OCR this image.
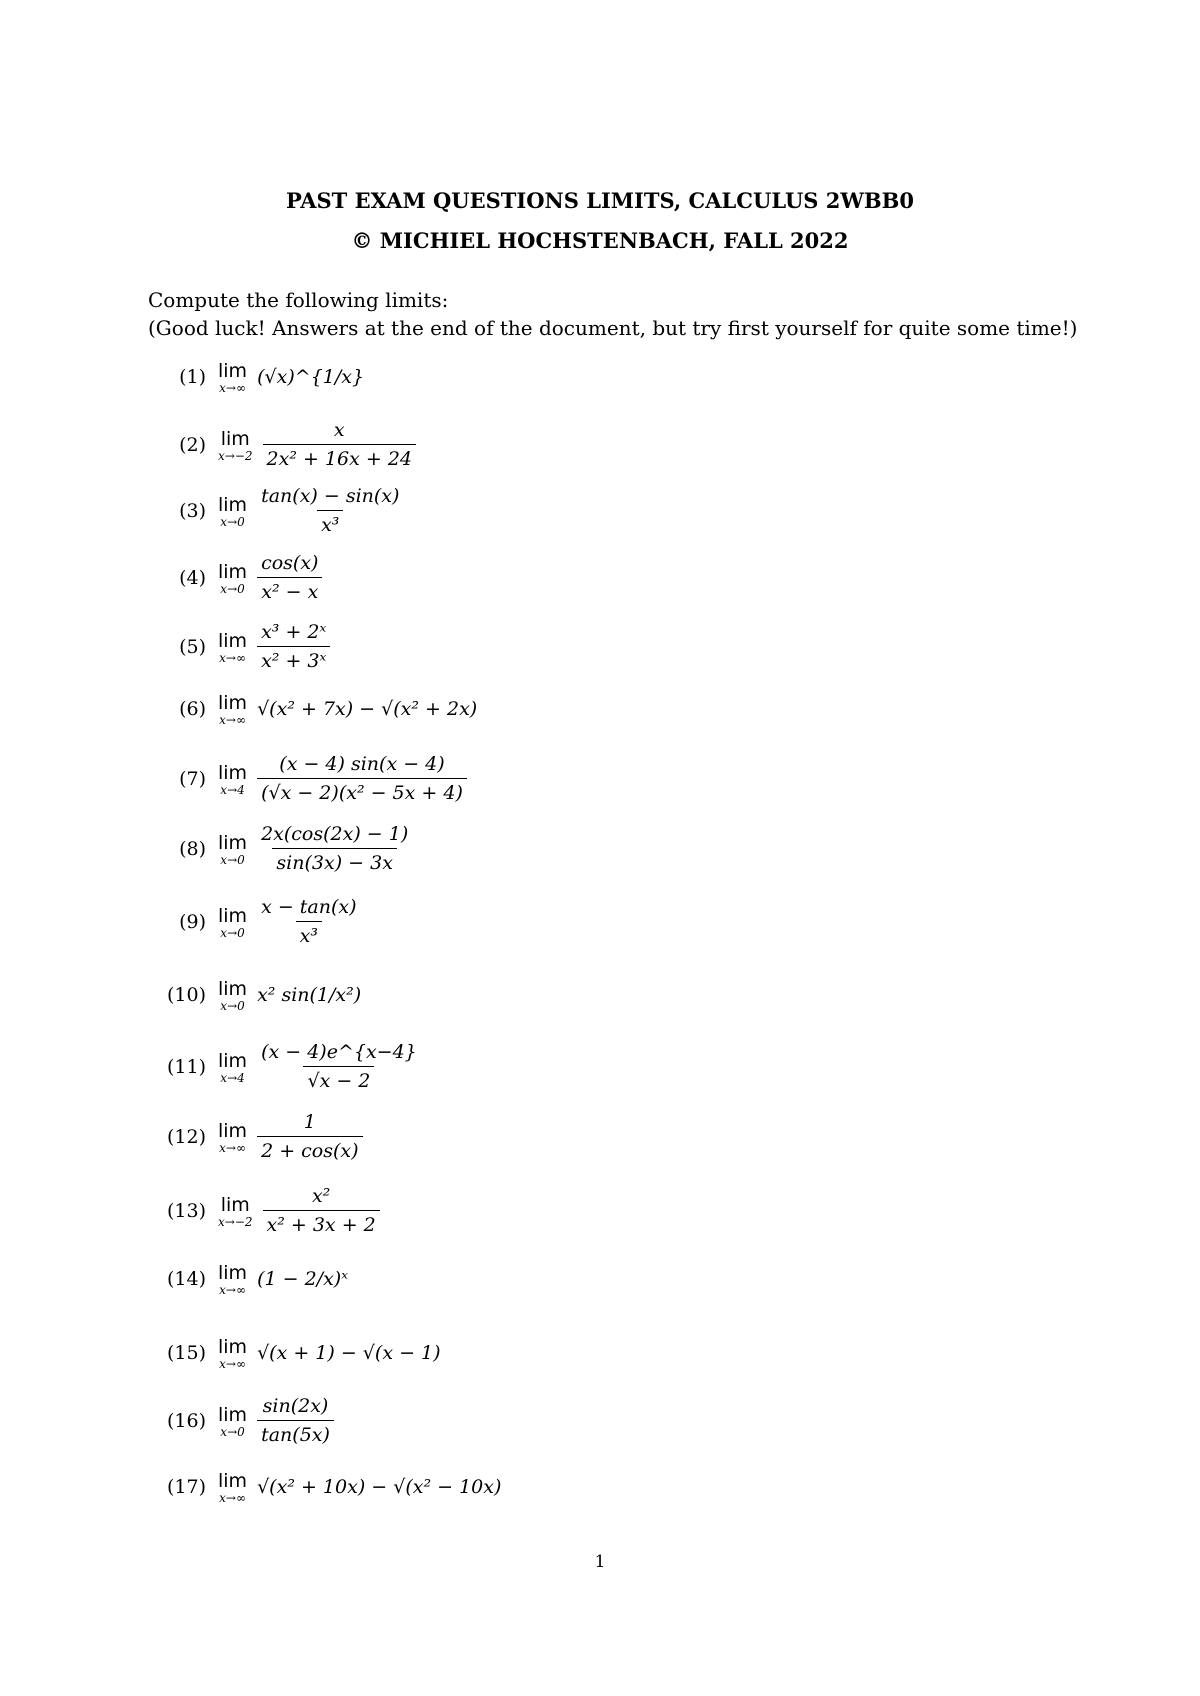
PAST EXAM QUESTIONS LIMITS, CALCULUS 2WBB0
© MICHIEL HOCHSTENBACH, FALL 2022
Compute the following limits:
(Good luck! Answers at the end of the document, but try first yourself for quite some time!)
(1) lim
x→∞ (√x)^{1/x}
(2) lim
$x\to-2 \frac{x}{\text{2x² + 16x + 24}}$
(3) lim
$x\to 0 \frac{\tan(x) - \sin(x)}{\text{x³}}$
(4) lim
$x\to 0 \frac{\cos(x)}{\text{x² − x}}$
(5) lim
$x\to\infty \frac{\text{x³ + 2ˣ}}{\text{x² + 3ˣ}}$
(6) lim
x→∞ √(x² + 7x) − √(x² + 2x)
(7) lim
$x\to 4 \frac{(x - 4) \sin(x - 4)}{\text{(√x − 2)(x² − 5x + 4)}}$
(8) lim
$x\to 0 \frac{2x(\cos(2x) - 1)}{\sin(3x) - 3x}$
(9) lim
$x\to 0 \frac{x - \tan(x)}{\text{x³}}$
(10) lim
x→0 x² sin(1/x²)
(11) lim
$x\to 4 \frac{(x - 4)e\^{}\{x-4\}}{√x - 2}$
(12) lim
$x\to\infty \frac{1}{2 + \cos(x)}$
(13) lim
$x\to-2 \frac{\text{x²}}{\text{x² + 3x + 2}}$
(14) lim
x→∞ (1 − 2/x)ˣ
(15) lim
x→∞ √(x + 1) − √(x − 1)
(16) lim
$x\to 0 \frac{\sin(2x)}{\tan(5x)}$
(17) lim
x→∞ √(x² + 10x) − √(x² − 10x)
1
